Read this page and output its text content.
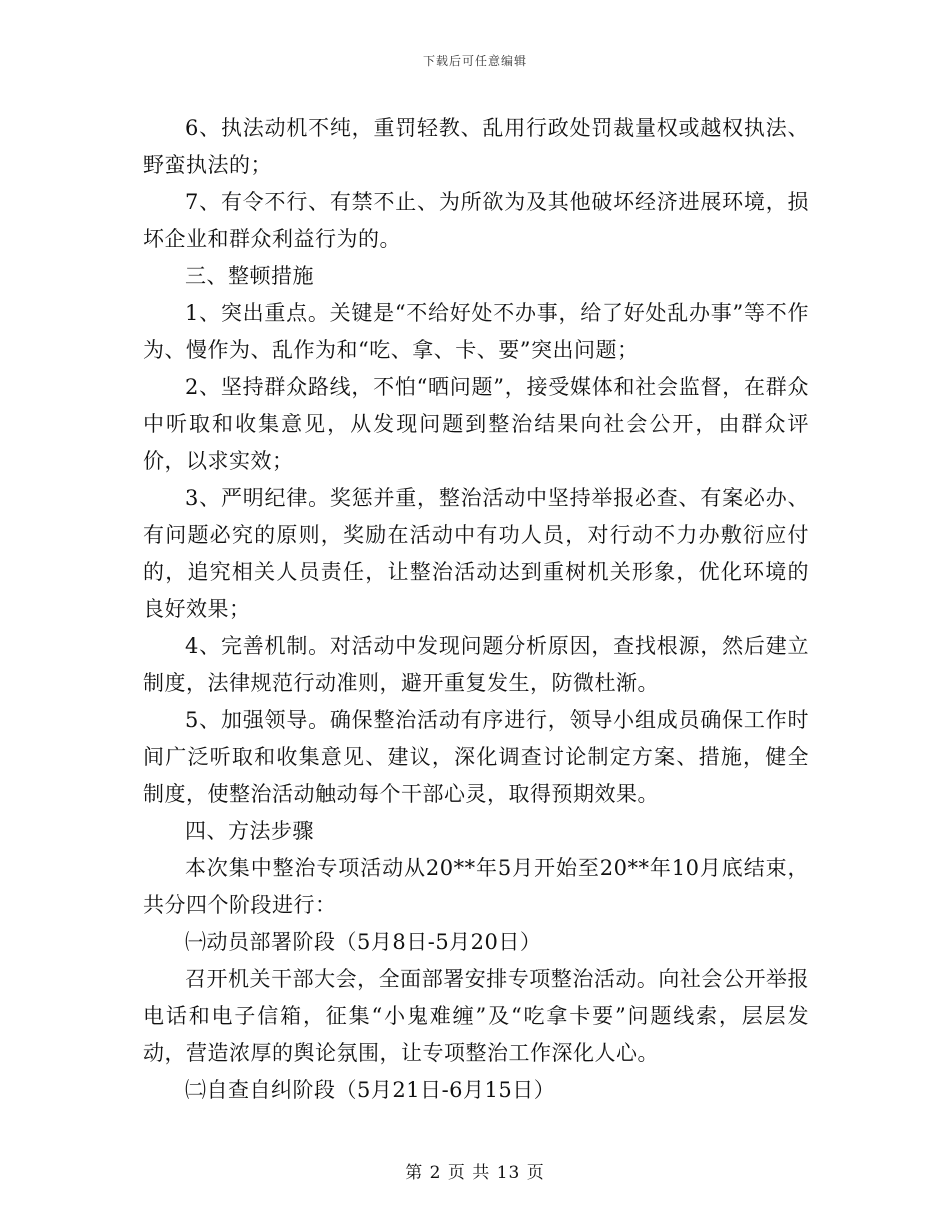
下载后可任意编辑

6、执法动机不纯，重罚轻教、乱用行政处罚裁量权或越权执法、野蛮执法的；

7、有令不行、有禁不止、为所欲为及其他破坏经济进展环境，损坏企业和群众利益行为的。

三、整顿措施

1、突出重点。关键是“不给好处不办事，给了好处乱办事”等不作为、慢作为、乱作为和“吃、拿、卡、要”突出问题；

2、坚持群众路线，不怕“晒问题”，接受媒体和社会监督，在群众中听取和收集意见，从发现问题到整治结果向社会公开，由群众评价，以求实效；

3、严明纪律。奖惩并重，整治活动中坚持举报必查、有案必办、有问题必究的原则，奖励在活动中有功人员，对行动不力办敷衍应付的，追究相关人员责任，让整治活动达到重树机关形象，优化环境的良好效果；

4、完善机制。对活动中发现问题分析原因，查找根源，然后建立制度，法律规范行动准则，避开重复发生，防微杜渐。

5、加强领导。确保整治活动有序进行，领导小组成员确保工作时间广泛听取和收集意见、建议，深化调查讨论制定方案、措施，健全制度，使整治活动触动每个干部心灵，取得预期效果。

四、方法步骤

本次集中整治专项活动从20**年5月开始至20**年10月底结束，共分四个阶段进行：

㈠动员部署阶段（5月8日-5月20日）

召开机关干部大会，全面部署安排专项整治活动。向社会公开举报电话和电子信箱，征集“小鬼难缠”及“吃拿卡要”问题线索，层层发动，营造浓厚的舆论氛围，让专项整治工作深化人心。

㈡自查自纠阶段（5月21日-6月15日）

第 2 页 共 13 页
